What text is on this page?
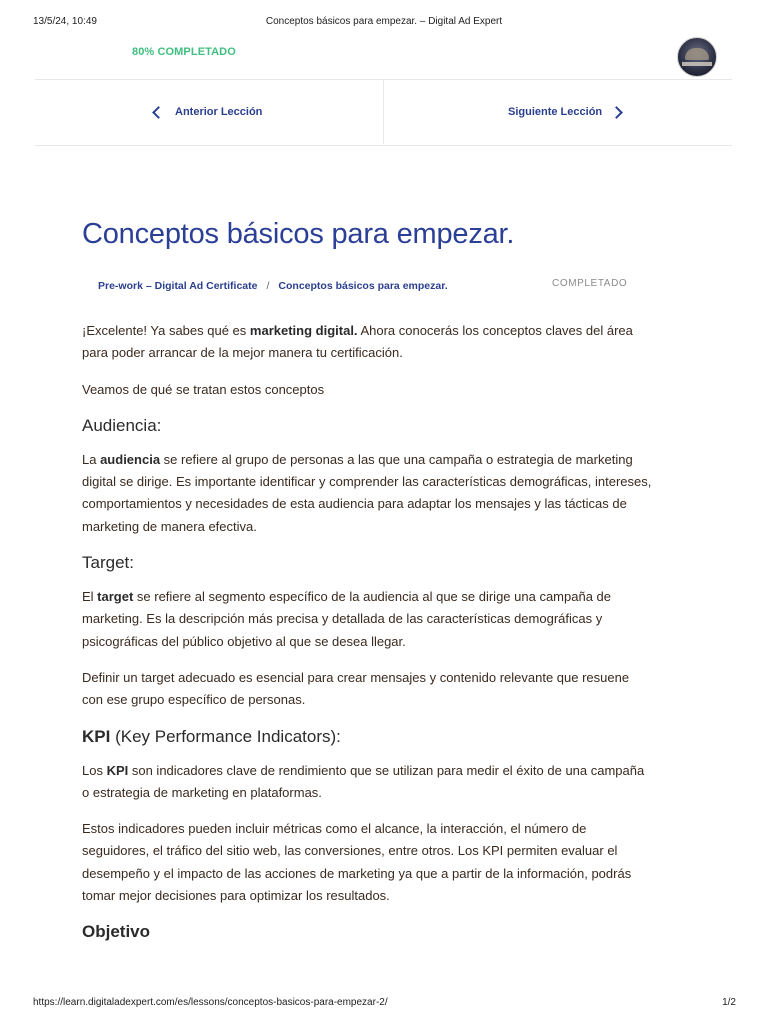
13/5/24, 10:49	Conceptos básicos para empezar. – Digital Ad Expert
80% COMPLETADO
Anterior Lección	Siguiente Lección
Conceptos básicos para empezar.
Pre-work – Digital Ad Certificate / Conceptos básicos para empezar.	COMPLETADO

¡Excelente! Ya sabes qué es marketing digital. Ahora conocerás los conceptos claves del área para poder arrancar de la mejor manera tu certificación.

Veamos de qué se tratan estos conceptos

Audiencia:

La audiencia se refiere al grupo de personas a las que una campaña o estrategia de marketing digital se dirige. Es importante identificar y comprender las características demográficas, intereses, comportamientos y necesidades de esta audiencia para adaptar los mensajes y las tácticas de marketing de manera efectiva.

Target:

El target se refiere al segmento específico de la audiencia al que se dirige una campaña de marketing. Es la descripción más precisa y detallada de las características demográficas y psicográficas del público objetivo al que se desea llegar.

Definir un target adecuado es esencial para crear mensajes y contenido relevante que resuene con ese grupo específico de personas.

KPI (Key Performance Indicators):

Los KPI son indicadores clave de rendimiento que se utilizan para medir el éxito de una campaña o estrategia de marketing en plataformas.

Estos indicadores pueden incluir métricas como el alcance, la interacción, el número de seguidores, el tráfico del sitio web, las conversiones, entre otros. Los KPI permiten evaluar el desempeño y el impacto de las acciones de marketing ya que a partir de la información, podrás tomar mejor decisiones para optimizar los resultados.

Objetivo
https://learn.digitaladexpert.com/es/lessons/conceptos-basicos-para-empezar-2/	1/2
